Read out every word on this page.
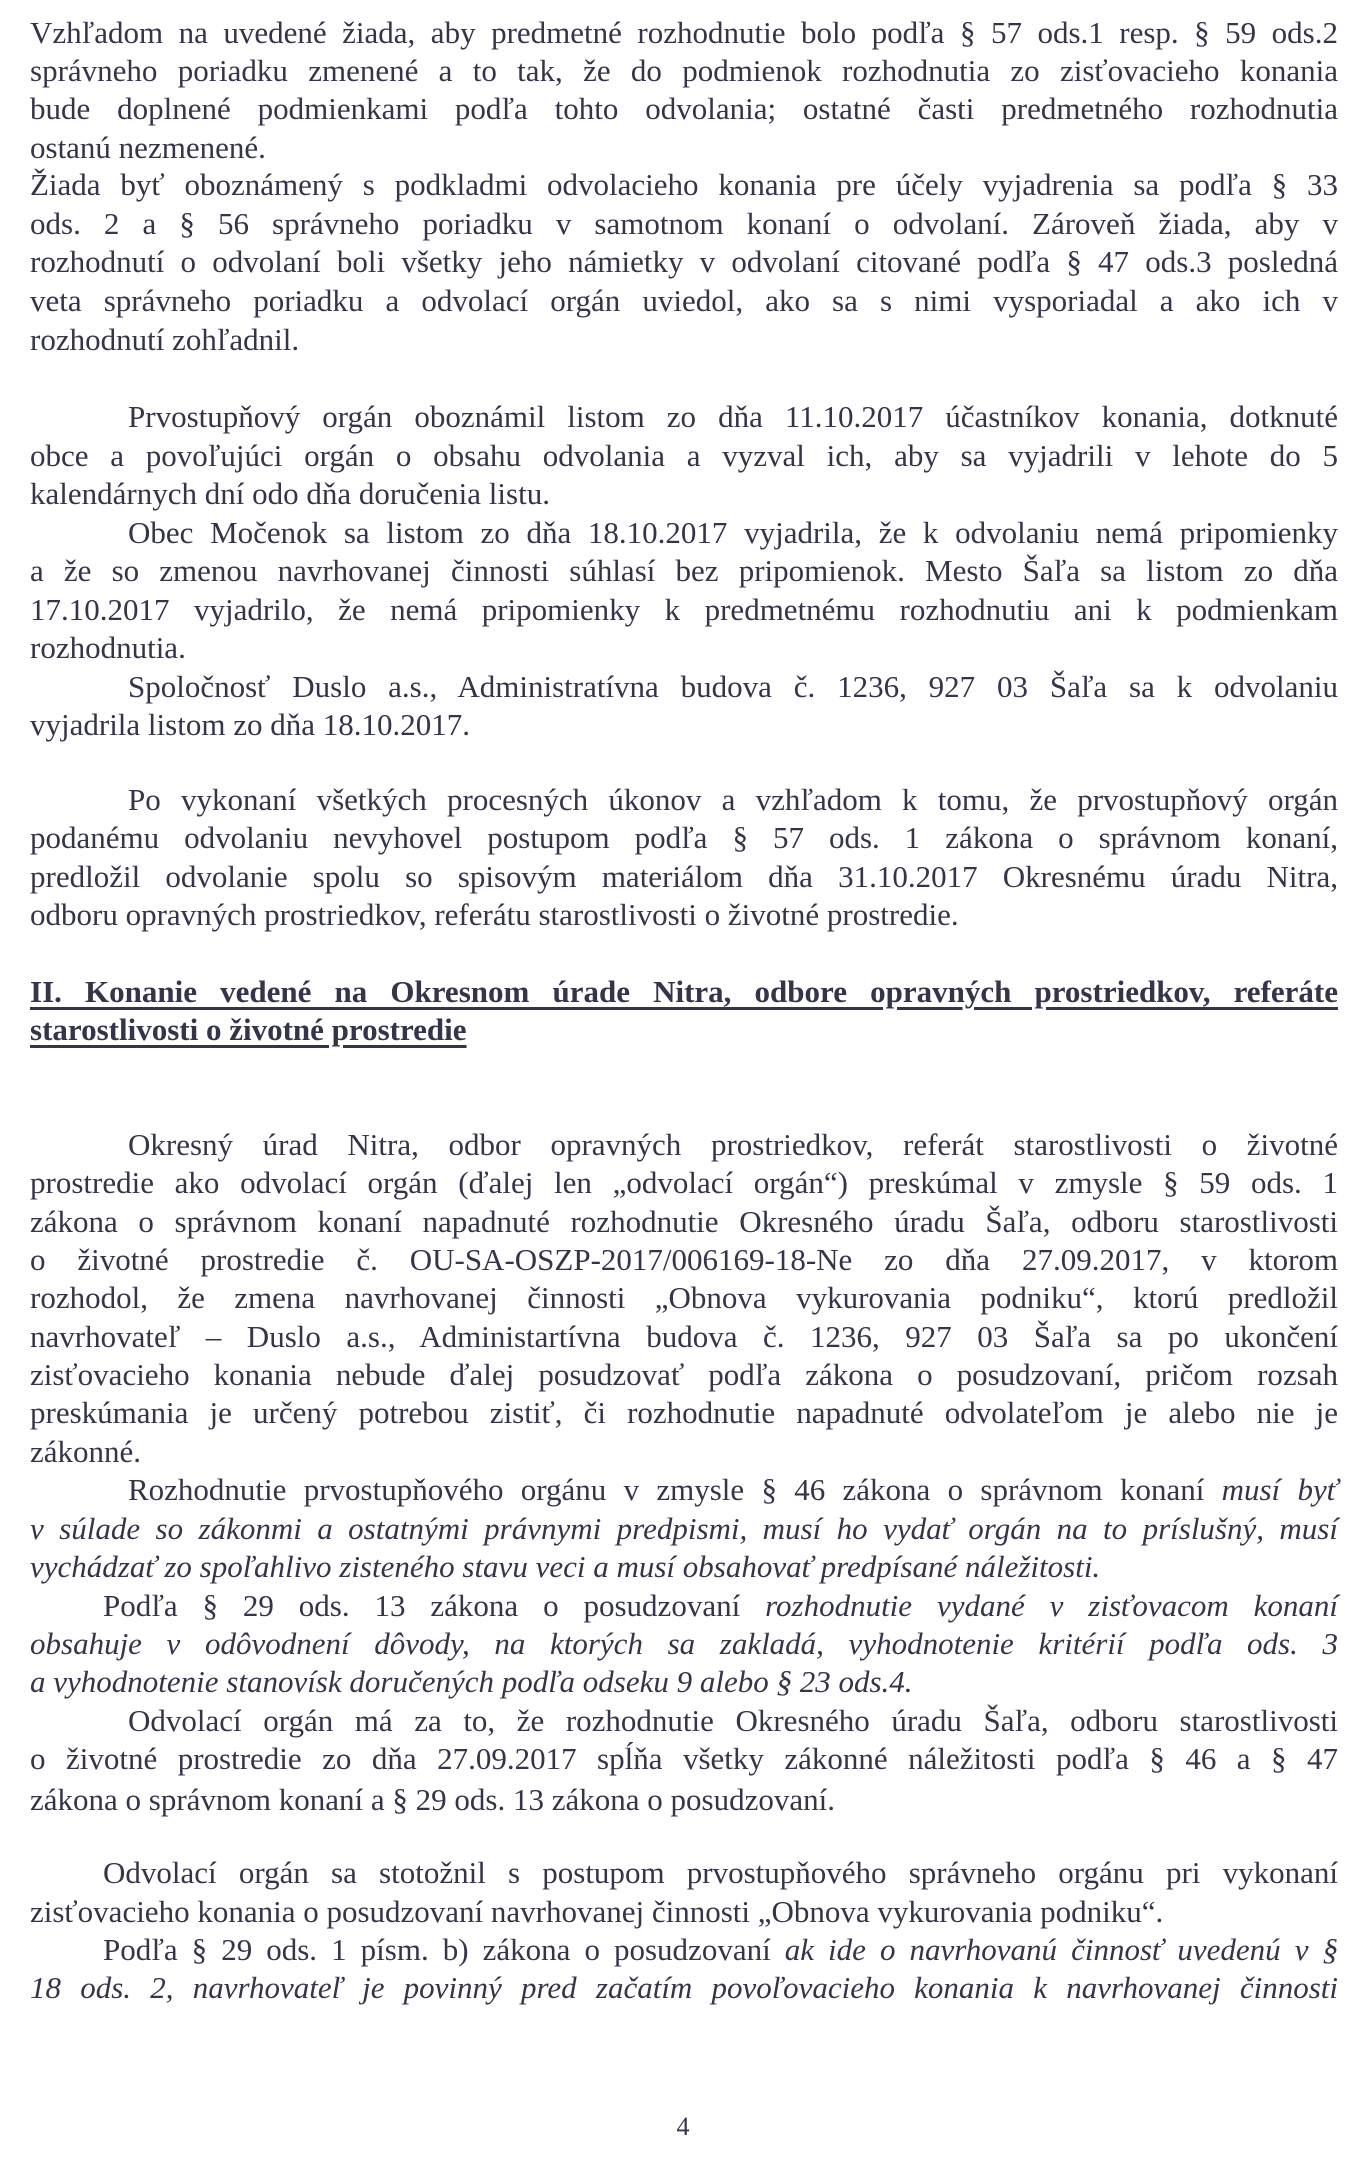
4
Vzhľadom na uvedené žiada, aby predmetné rozhodnutie bolo podľa § 57 ods.1 resp. § 59 ods.2
správneho poriadku zmenené a to tak, že do podmienok rozhodnutia zo zisťovacieho konania
bude doplnené podmienkami podľa tohto odvolania; ostatné časti predmetného rozhodnutia
ostanú nezmenené.
Žiada byť oboznámený s podkladmi odvolacieho konania pre účely vyjadrenia sa podľa § 33
ods. 2 a § 56 správneho poriadku v samotnom konaní o odvolaní. Zároveň žiada, aby v
rozhodnutí o odvolaní boli všetky jeho námietky v odvolaní citované podľa § 47 ods.3 posledná
veta správneho poriadku a odvolací orgán uviedol, ako sa s nimi vysporiadal a ako ich v
rozhodnutí zohľadnil.
Prvostupňový orgán oboznámil listom zo dňa 11.10.2017 účastníkov konania, dotknuté
obce a povoľujúci orgán o obsahu odvolania a vyzval ich, aby sa vyjadrili v lehote do 5
kalendárnych dní odo dňa doručenia listu.
Obec Močenok sa listom zo dňa 18.10.2017 vyjadrila, že k odvolaniu nemá pripomienky
a že so zmenou navrhovanej činnosti súhlasí bez pripomienok. Mesto Šaľa sa listom zo dňa
17.10.2017 vyjadrilo, že nemá pripomienky k predmetnému rozhodnutiu ani k podmienkam
rozhodnutia.
Spoločnosť Duslo a.s., Administratívna budova č. 1236, 927 03 Šaľa sa k odvolaniu
vyjadrila listom zo dňa 18.10.2017.
Po vykonaní všetkých procesných úkonov a vzhľadom k tomu, že prvostupňový orgán
podanému odvolaniu nevyhovel postupom podľa § 57 ods. 1 zákona o správnom konaní,
predložil odvolanie spolu so spisovým materiálom dňa 31.10.2017 Okresnému úradu Nitra,
odboru opravných prostriedkov, referátu starostlivosti o životné prostredie.
II. Konanie vedené na Okresnom úrade Nitra, odbore opravných prostriedkov, referáte
starostlivosti o životné prostredie
Okresný úrad Nitra, odbor opravných prostriedkov, referát starostlivosti o životné
prostredie ako odvolací orgán (ďalej len „odvolací orgán“) preskúmal v zmysle § 59 ods. 1
zákona o správnom konaní napadnuté rozhodnutie Okresného úradu Šaľa, odboru starostlivosti
o životné prostredie č. OU-SA-OSZP-2017/006169-18-Ne zo dňa 27.09.2017, v ktorom
rozhodol, že zmena navrhovanej činnosti „Obnova vykurovania podniku“, ktorú predložil
navrhovateľ – Duslo a.s., Administartívna budova č. 1236, 927 03 Šaľa sa po ukončení
zisťovacieho konania nebude ďalej posudzovať podľa zákona o posudzovaní, pričom rozsah
preskúmania je určený potrebou zistiť, či rozhodnutie napadnuté odvolateľom je alebo nie je
zákonné.
Rozhodnutie prvostupňového orgánu v zmysle § 46 zákona o správnom konaní musí byť
v súlade so zákonmi a ostatnými právnymi predpismi, musí ho vydať orgán na to príslušný, musí
vychádzať zo spoľahlivo zisteného stavu veci a musí obsahovať predpísané náležitosti.
Podľa § 29 ods. 13 zákona o posudzovaní rozhodnutie vydané v zisťovacom konaní
obsahuje v odôvodnení dôvody, na ktorých sa zakladá, vyhodnotenie kritérií podľa ods. 3
a vyhodnotenie stanovísk doručených podľa odseku 9 alebo § 23 ods.4.
Odvolací orgán má za to, že rozhodnutie Okresného úradu Šaľa, odboru starostlivosti
o životné prostredie zo dňa 27.09.2017 spĺňa všetky zákonné náležitosti podľa § 46 a § 47
zákona o správnom konaní a § 29 ods. 13 zákona o posudzovaní.
Odvolací orgán sa stotožnil s postupom prvostupňového správneho orgánu pri vykonaní
zisťovacieho konania o posudzovaní navrhovanej činnosti „Obnova vykurovania podniku“.
Podľa § 29 ods. 1 písm. b) zákona o posudzovaní ak ide o navrhovanú činnosť uvedenú v §
18 ods. 2, navrhovateľ je povinný pred začatím povoľovacieho konania k navrhovanej činnosti
